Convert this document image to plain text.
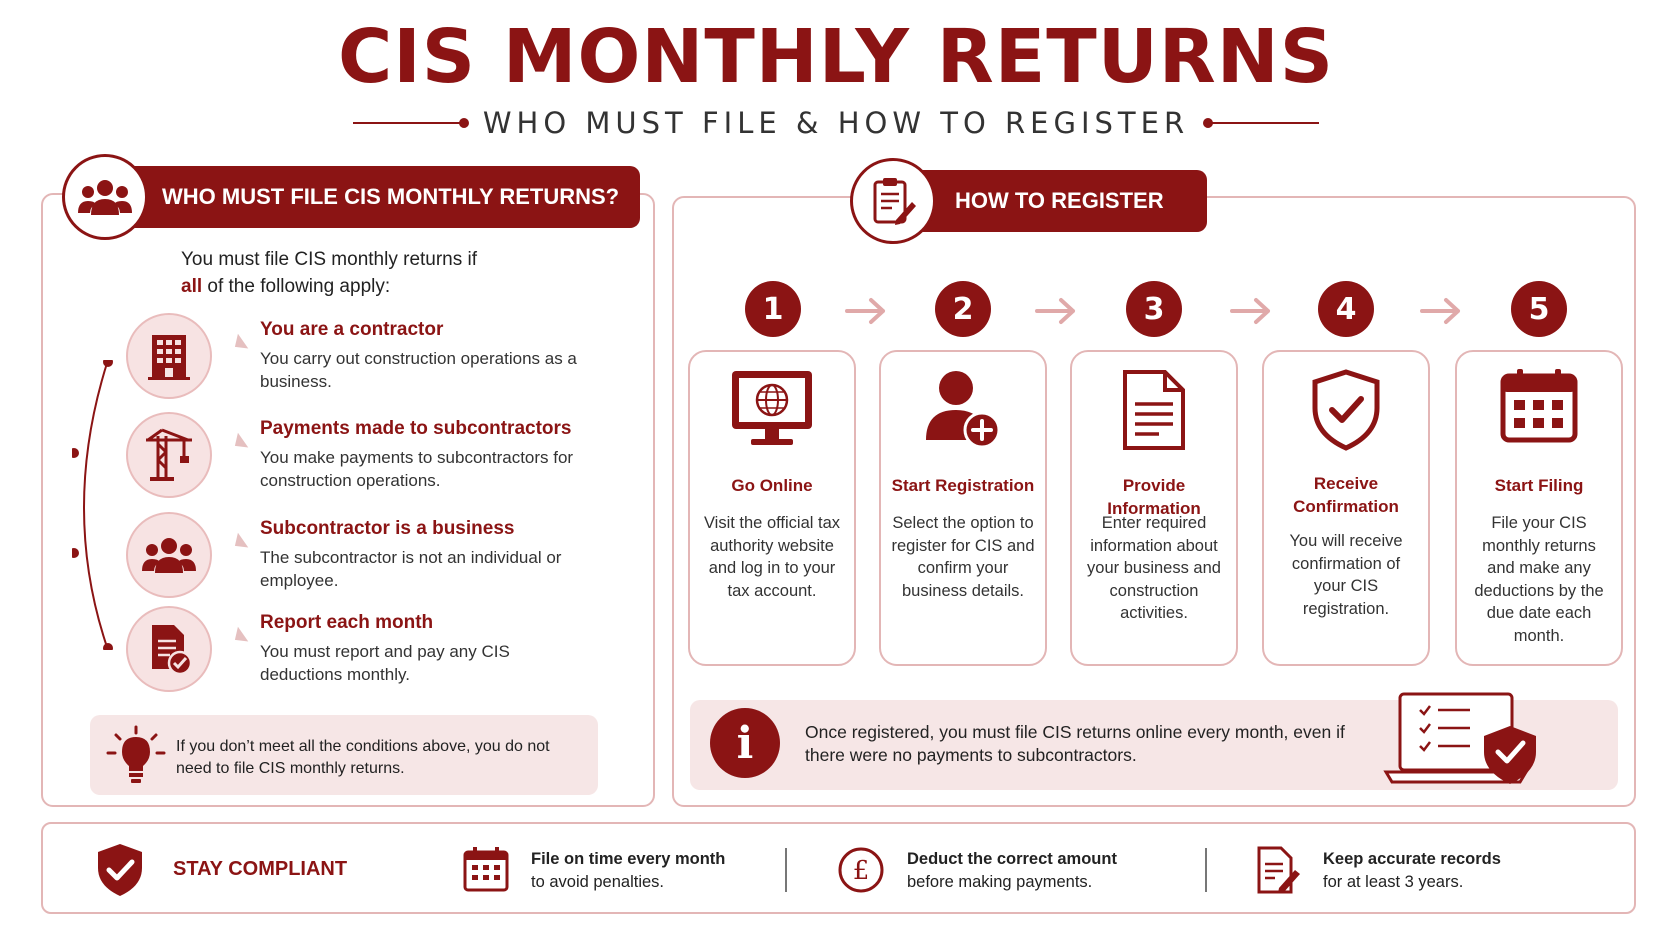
CIS MONTHLY RETURNS
WHO MUST FILE & HOW TO REGISTER
WHO MUST FILE CIS MONTHLY RETURNS?
You must file CIS monthly returns if
all of the following apply:
You are a contractor
You carry out construction operations as a business.
Payments made to subcontractors
You make payments to subcontractors for construction operations.
Subcontractor is a business
The subcontractor is not an individual or employee.
Report each month
You must report and pay any CIS deductions monthly.
If you don’t meet all the conditions above, you do not need to file CIS monthly returns.
HOW TO REGISTER
1	2	3	4	5
Go Online
Visit the official tax authority website and log in to your tax account.
Start Registration
Select the option to register for CIS and confirm your business details.
Provide Information
Enter required information about your business and construction activities.
Receive Confirmation
You will receive confirmation of your CIS registration.
Start Filing
File your CIS monthly returns and make any deductions by the due date each month.
i	Once registered, you must file CIS returns online every month, even if there were no payments to subcontractors.
STAY COMPLIANT	File on time every month
to avoid penalties.	£ Deduct the correct amount
before making payments.
Keep accurate records
for at least 3 years.
